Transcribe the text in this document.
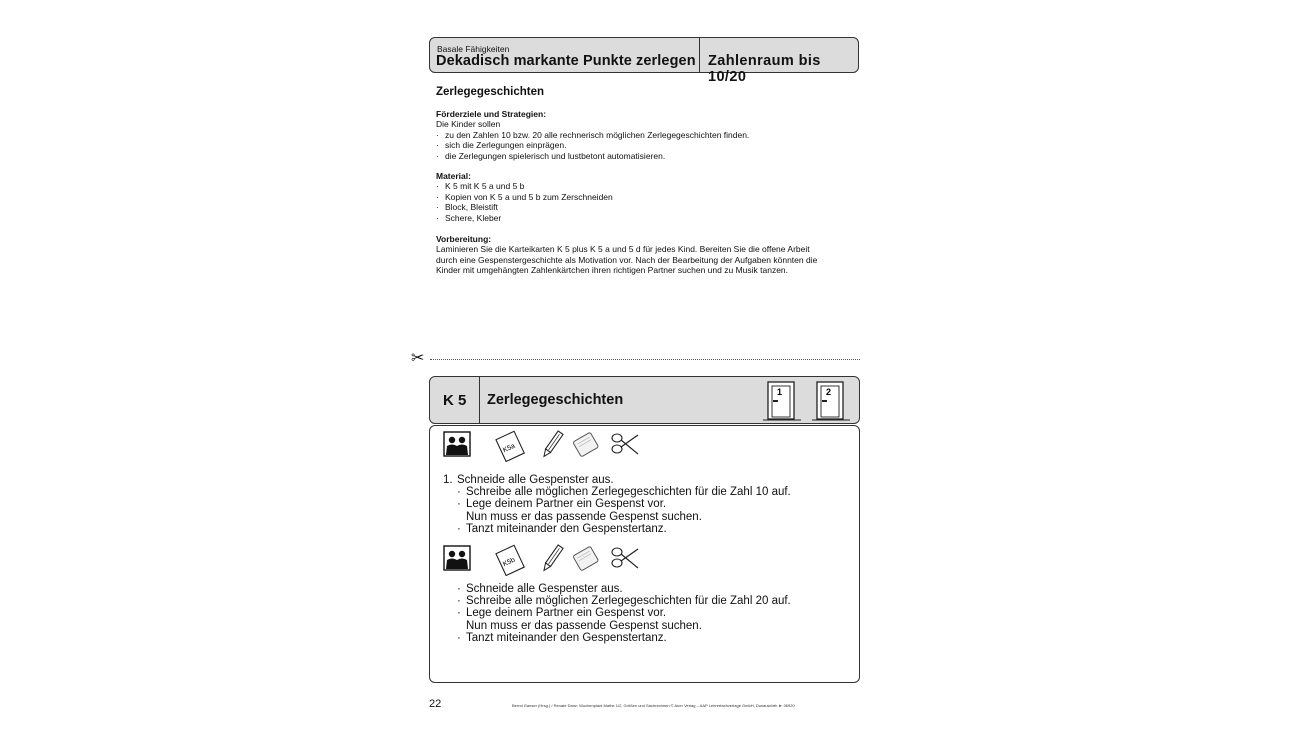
Basale Fähigkeiten
Dekadisch markante Punkte zerlegen Zahlenraum bis 10/20
Zerlegegeschichten
Förderziele und Strategien:
Die Kinder sollen
· zu den Zahlen 10 bzw. 20 alle rechnerisch möglichen Zerlegegeschichten finden.
· sich die Zerlegungen einprägen.
· die Zerlegungen spielerisch und lustbetont automatisieren.
Material:
· K 5 mit K 5 a und 5 b
· Kopien von K 5 a und 5 b zum Zerschneiden
· Block, Bleistift
· Schere, Kleber
Vorbereitung:
Laminieren Sie die Karteikarten K 5 plus K 5 a und 5 d für jedes Kind. Bereiten Sie die offene Arbeit
durch eine Gespenstergeschichte als Motivation vor. Nach der Bearbeitung der Aufgaben könnten die
Kinder mit umgehängten Zahlenkärtchen ihren richtigen Partner suchen und zu Musik tanzen.
✂
K 5 Zerlegegeschichten	1	2
K5a
1. Schneide alle Gespenster aus.
· Schreibe alle möglichen Zerlegegeschichten für die Zahl 10 auf.
· Lege deinem Partner ein Gespenst vor.
Nun muss er das passende Gespenst suchen.
· Tanzt miteinander den Gespenstertanz.
K5b
· Schneide alle Gespenster aus.
· Schreibe alle möglichen Zerlegegeschichten für die Zahl 20 auf.
· Lege deinem Partner ein Gespenst vor.
Nun muss er das passende Gespenst suchen.
· Tanzt miteinander den Gespenstertanz.
22	Bernd Ganser (Hrsg.) / Renate Danz: Wochenplant Mathe 1/2, Größen und Sachrechnen © Auer Verlag – AAP Lehrerfachverlage GmbH, Donauwörth ► 06920
